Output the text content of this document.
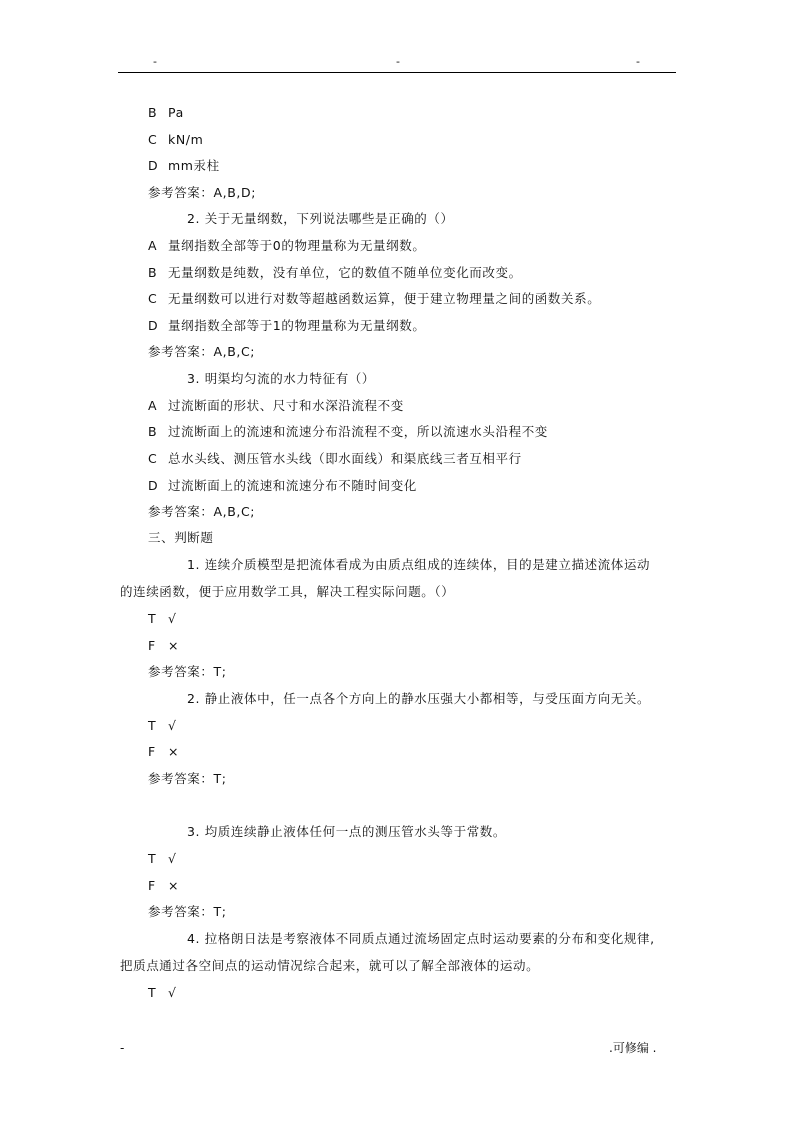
-	-	-
B Pa
C kN/m
D mm汞柱
参考答案：A,B,D;
2. 关于无量纲数，下列说法哪些是正确的（）
A 量纲指数全部等于0的物理量称为无量纲数。
B 无量纲数是纯数，没有单位，它的数值不随单位变化而改变。
C 无量纲数可以进行对数等超越函数运算，便于建立物理量之间的函数关系。
D 量纲指数全部等于1的物理量称为无量纲数。
参考答案：A,B,C;
3. 明渠均匀流的水力特征有（）
A 过流断面的形状、尺寸和水深沿流程不变
B 过流断面上的流速和流速分布沿流程不变，所以流速水头沿程不变
C 总水头线、测压管水头线（即水面线）和渠底线三者互相平行
D 过流断面上的流速和流速分布不随时间变化
参考答案：A,B,C;
三、判断题
1. 连续介质模型是把流体看成为由质点组成的连续体，目的是建立描述流体运动
的连续函数，便于应用数学工具，解决工程实际问题。（）
T √
F ×
参考答案：T;
2. 静止液体中，任一点各个方向上的静水压强大小都相等，与受压面方向无关。
T √
F ×
参考答案：T;
3. 均质连续静止液体任何一点的测压管水头等于常数。
T √
F ×
参考答案：T;
4. 拉格朗日法是考察液体不同质点通过流场固定点时运动要素的分布和变化规律,
把质点通过各空间点的运动情况综合起来，就可以了解全部液体的运动。
T √
-	.可修编 .
